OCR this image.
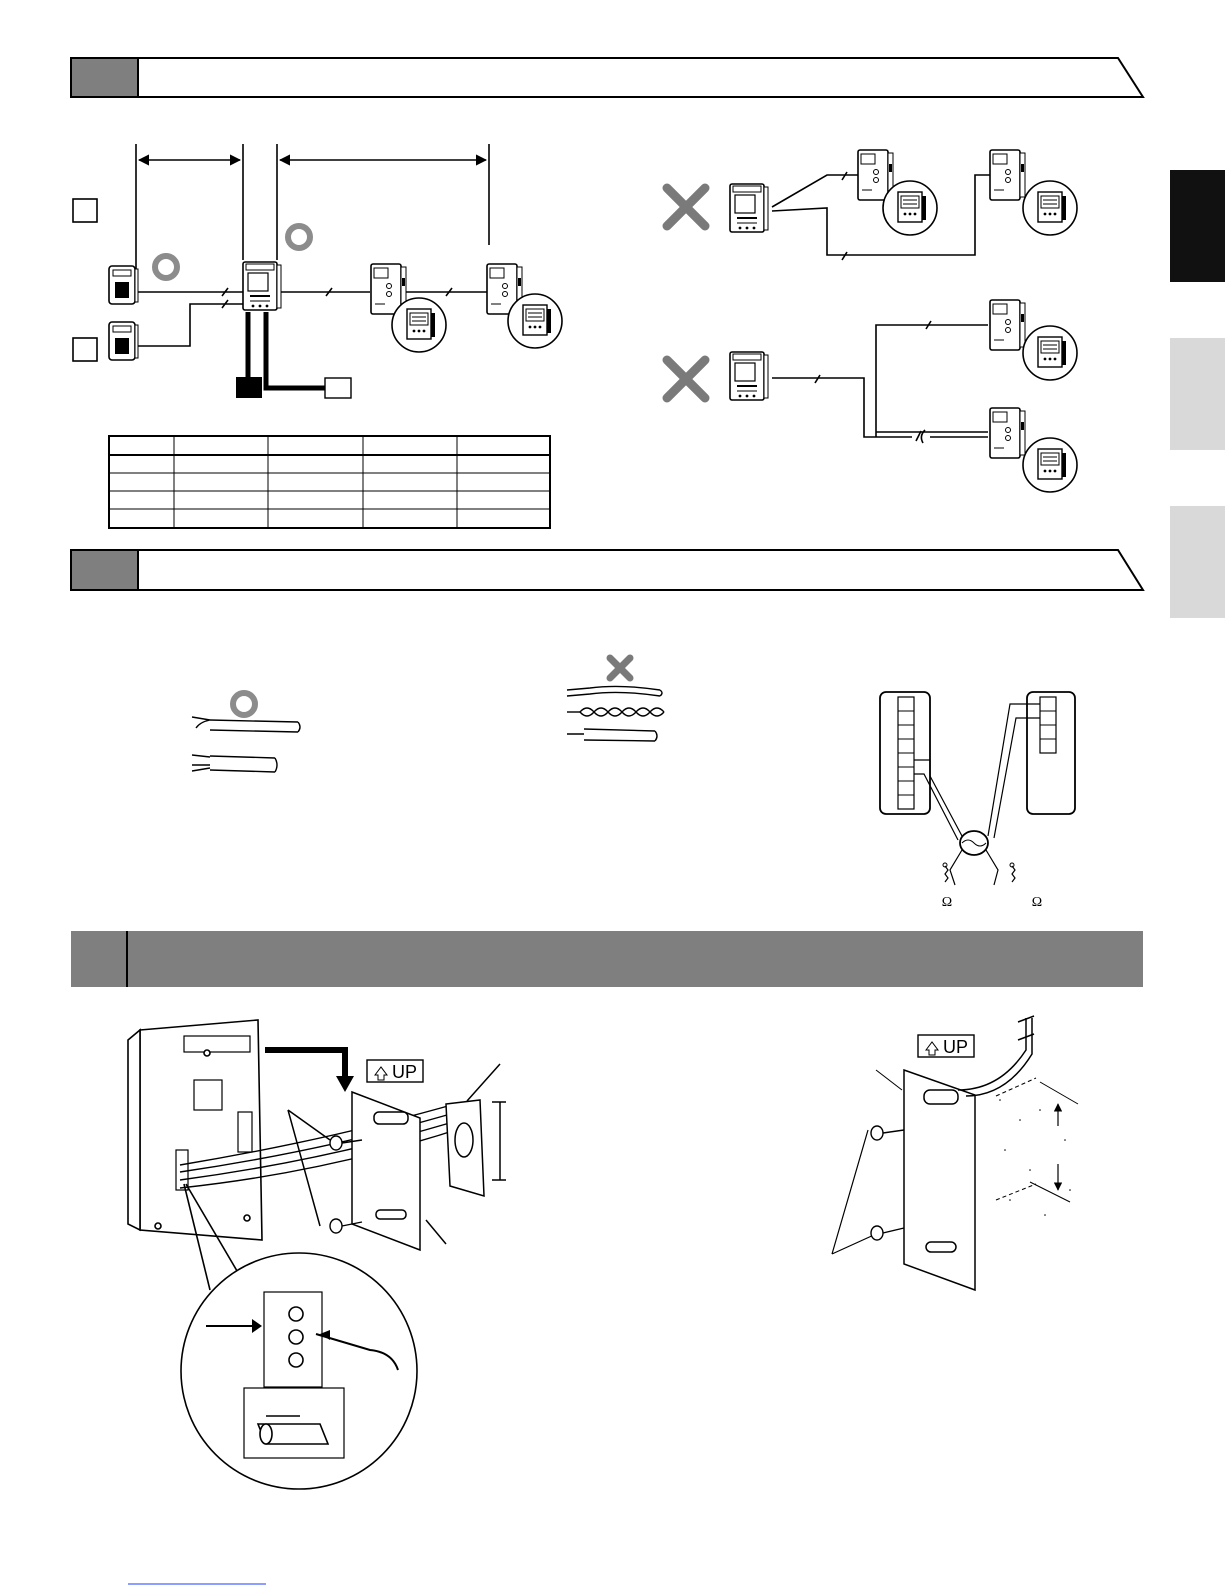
Ω	Ω
UP
UP
